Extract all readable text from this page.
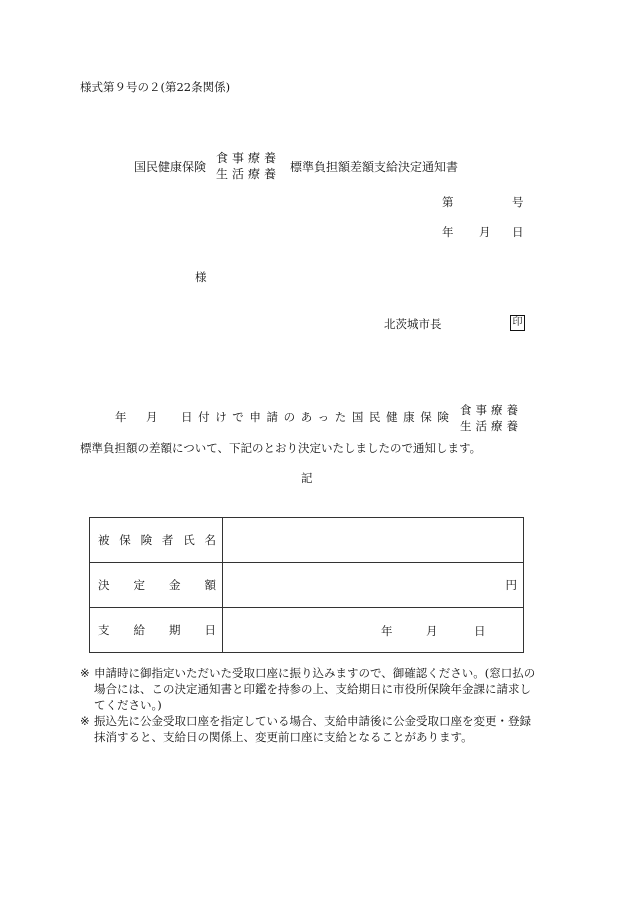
様式第９号の２(第22条関係)
国民健康保険
食事療養
生活療養 標準負担額差額支給決定通知書
第	号
年 月 日
様
北茨城市長	印
年 月 日付けで申請のあった国民健康保険 食事療養
生活療養
標準負担額の差額について、下記のとおり決定いたしましたので通知します。
記
被保険者氏名	

決定金額	円

支給期日	年 月 日
※ 申請時に御指定いただいた受取口座に振り込みますので、御確認ください。(窓口払の場合には、この決定通知書と印鑑を持参の上、支給期日に市役所保険年金課に請求してください。)
※ 振込先に公金受取口座を指定している場合、支給申請後に公金受取口座を変更・登録抹消すると、支給日の関係上、変更前口座に支給となることがあります。
